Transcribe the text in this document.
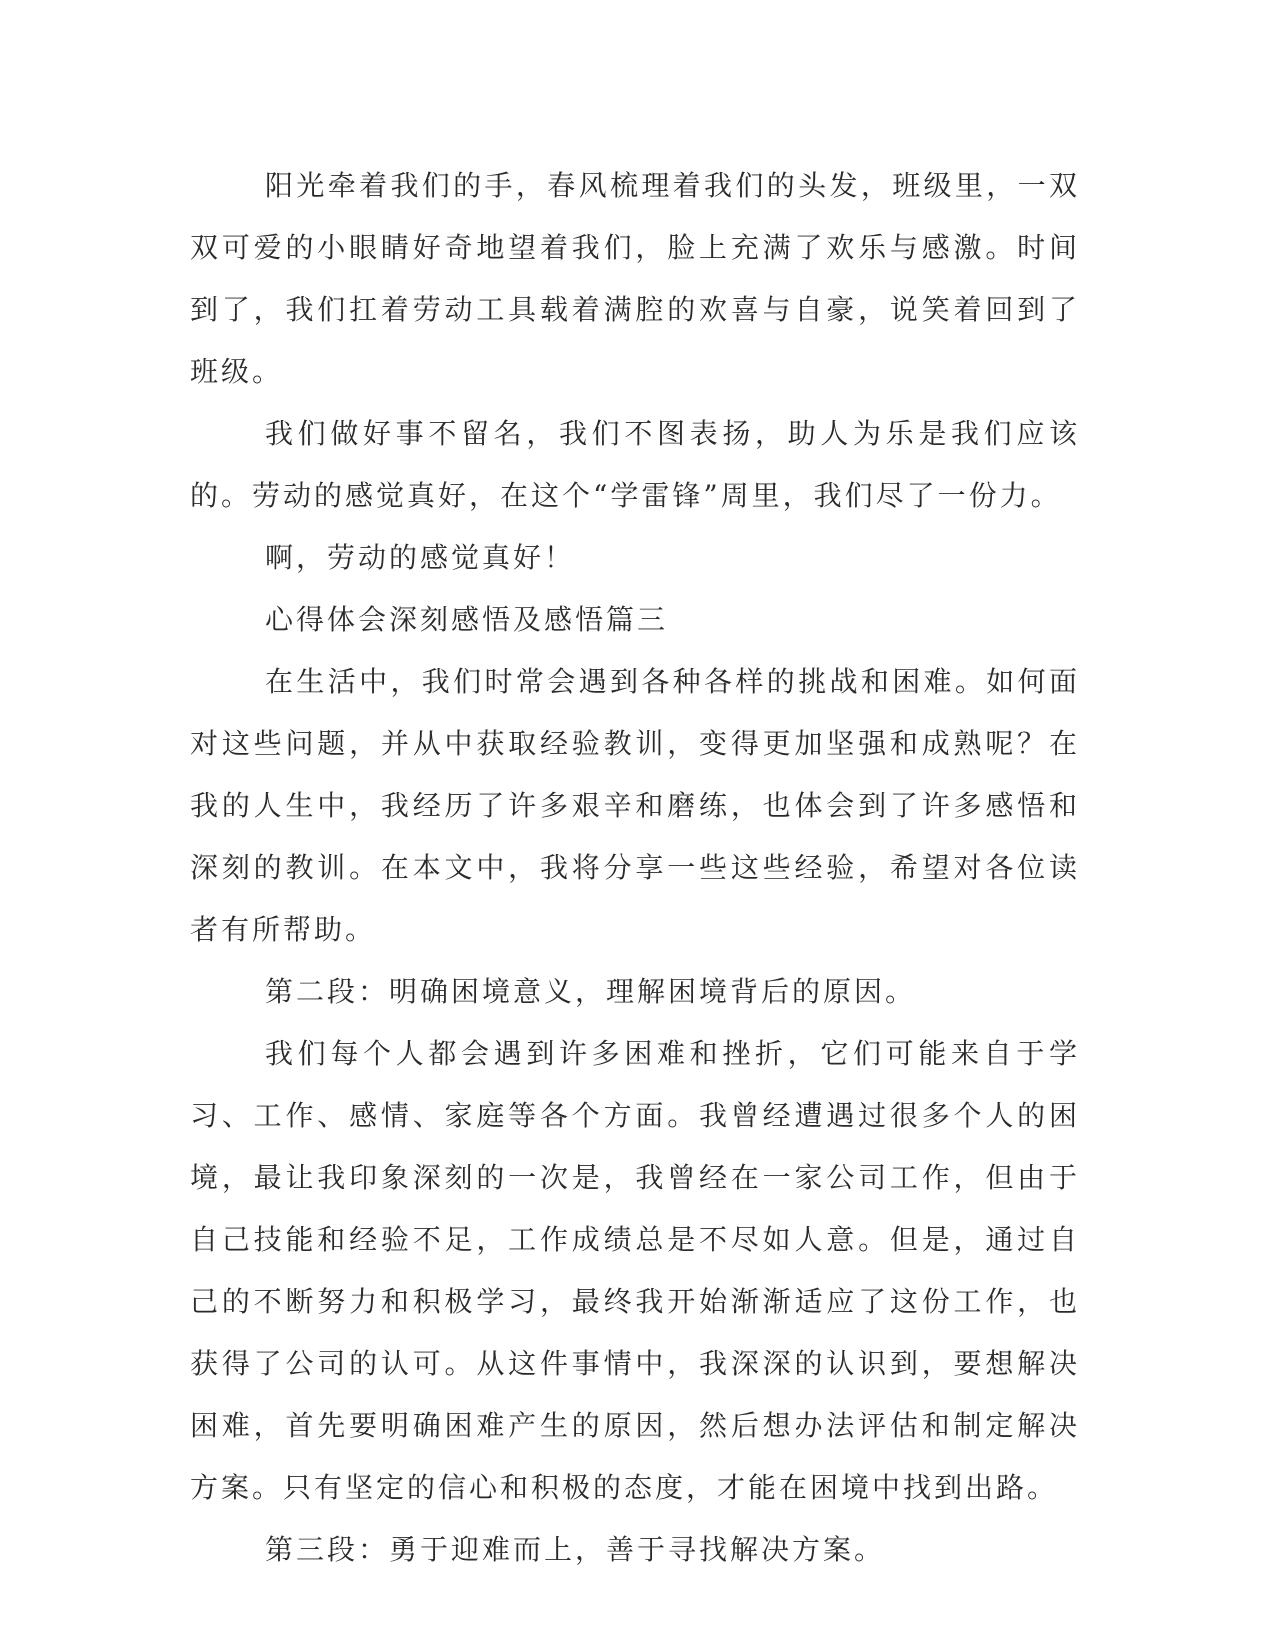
阳光牵着我们的手，春风梳理着我们的头发，班级里，一双双可爱的小眼睛好奇地望着我们，脸上充满了欢乐与感激。时间到了，我们扛着劳动工具载着满腔的欢喜与自豪，说笑着回到了班级。

我们做好事不留名，我们不图表扬，助人为乐是我们应该的。劳动的感觉真好，在这个“学雷锋”周里，我们尽了一份力。

啊，劳动的感觉真好！

心得体会深刻感悟及感悟篇三

在生活中，我们时常会遇到各种各样的挑战和困难。如何面对这些问题，并从中获取经验教训，变得更加坚强和成熟呢？在我的人生中，我经历了许多艰辛和磨练，也体会到了许多感悟和深刻的教训。在本文中，我将分享一些这些经验，希望对各位读者有所帮助。

第二段：明确困境意义，理解困境背后的原因。

我们每个人都会遇到许多困难和挫折，它们可能来自于学习、工作、感情、家庭等各个方面。我曾经遭遇过很多个人的困境，最让我印象深刻的一次是，我曾经在一家公司工作，但由于自己技能和经验不足，工作成绩总是不尽如人意。但是，通过自己的不断努力和积极学习，最终我开始渐渐适应了这份工作，也获得了公司的认可。从这件事情中，我深深的认识到，要想解决困难，首先要明确困难产生的原因，然后想办法评估和制定解决方案。只有坚定的信心和积极的态度，才能在困境中找到出路。

第三段：勇于迎难而上，善于寻找解决方案。
